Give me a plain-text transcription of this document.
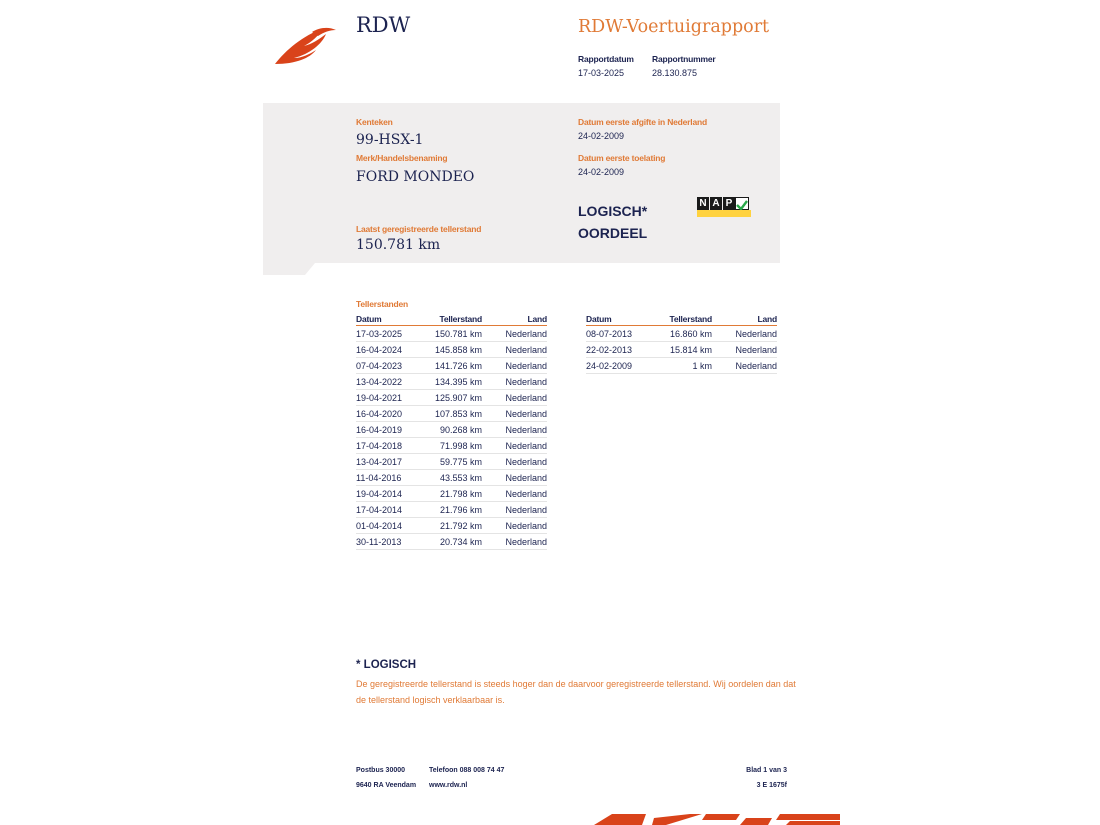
RDW	RDW-Voertuigrapport
Rapportdatum
17-03-2025
Rapportnummer
28.130.875
Kenteken
99-HSX-1
Merk/Handelsbenaming
FORD MONDEO
Laatst geregistreerde tellerstand
150.781 km
Datum eerste afgifte in Nederland
24-02-2009
Datum eerste toelating
24-02-2009
LOGISCH*
OORDEEL
N A P
Tellerstanden
Datum	Tellerstand	Land
17-03-2025	150.781 km	Nederland
16-04-2024	145.858 km	Nederland
07-04-2023	141.726 km	Nederland
13-04-2022	134.395 km	Nederland
19-04-2021	125.907 km	Nederland
16-04-2020	107.853 km	Nederland
16-04-2019	90.268 km	Nederland
17-04-2018	71.998 km	Nederland
13-04-2017	59.775 km	Nederland
11-04-2016	43.553 km	Nederland
19-04-2014	21.798 km	Nederland
17-04-2014	21.796 km	Nederland
01-04-2014	21.792 km	Nederland
30-11-2013	20.734 km	Nederland
Datum	Tellerstand	Land
08-07-2013	16.860 km	Nederland
22-02-2013	15.814 km	Nederland
24-02-2009	1 km	Nederland
* LOGISCH
De geregistreerde tellerstand is steeds hoger dan de daarvoor geregistreerde tellerstand. Wij oordelen dan dat de tellerstand logisch verklaarbaar is.
Postbus 30000
9640 RA Veendam
Telefoon 088 008 74 47
www.rdw.nl
Blad 1 van 3
3 E 1675f
